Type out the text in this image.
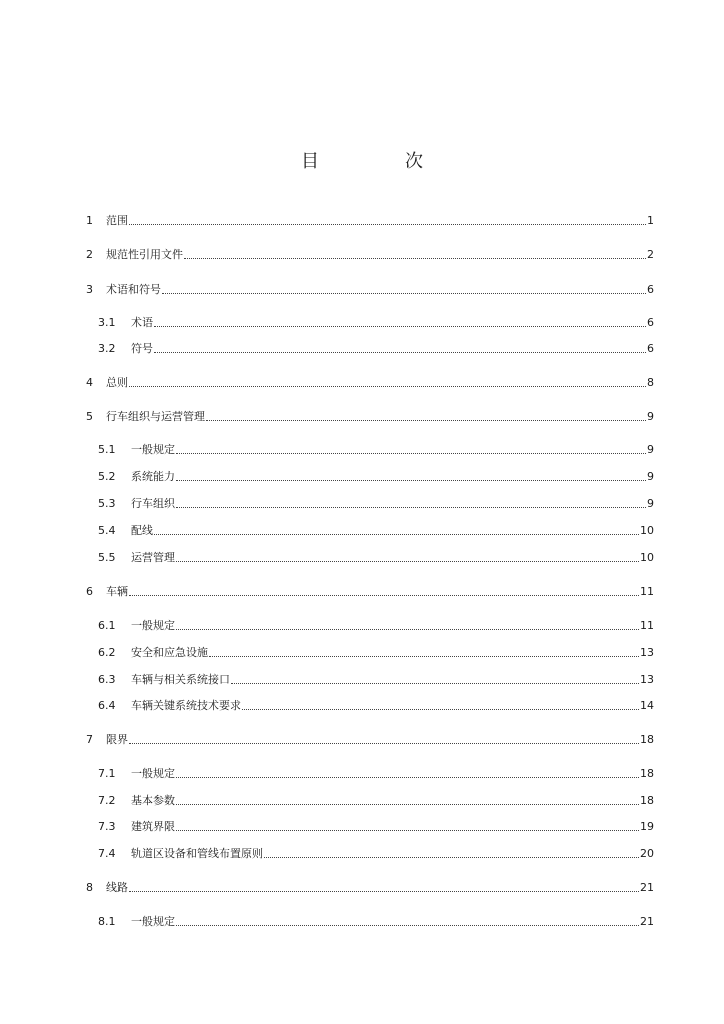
目　次
1	范围	1
2	规范性引用文件	2
3	术语和符号	6
3.1	术语	6
3.2	符号	6
4	总则	8
5	行车组织与运营管理	9
5.1	一般规定	9
5.2	系统能力	9
5.3	行车组织	9
5.4	配线	10
5.5	运营管理	10
6	车辆	11
6.1	一般规定	11
6.2	安全和应急设施	13
6.3	车辆与相关系统接口	13
6.4	车辆关键系统技术要求	14
7	限界	18
7.1	一般规定	18
7.2	基本参数	18
7.3	建筑界限	19
7.4	轨道区设备和管线布置原则	20
8	线路	21
8.1	一般规定	21
